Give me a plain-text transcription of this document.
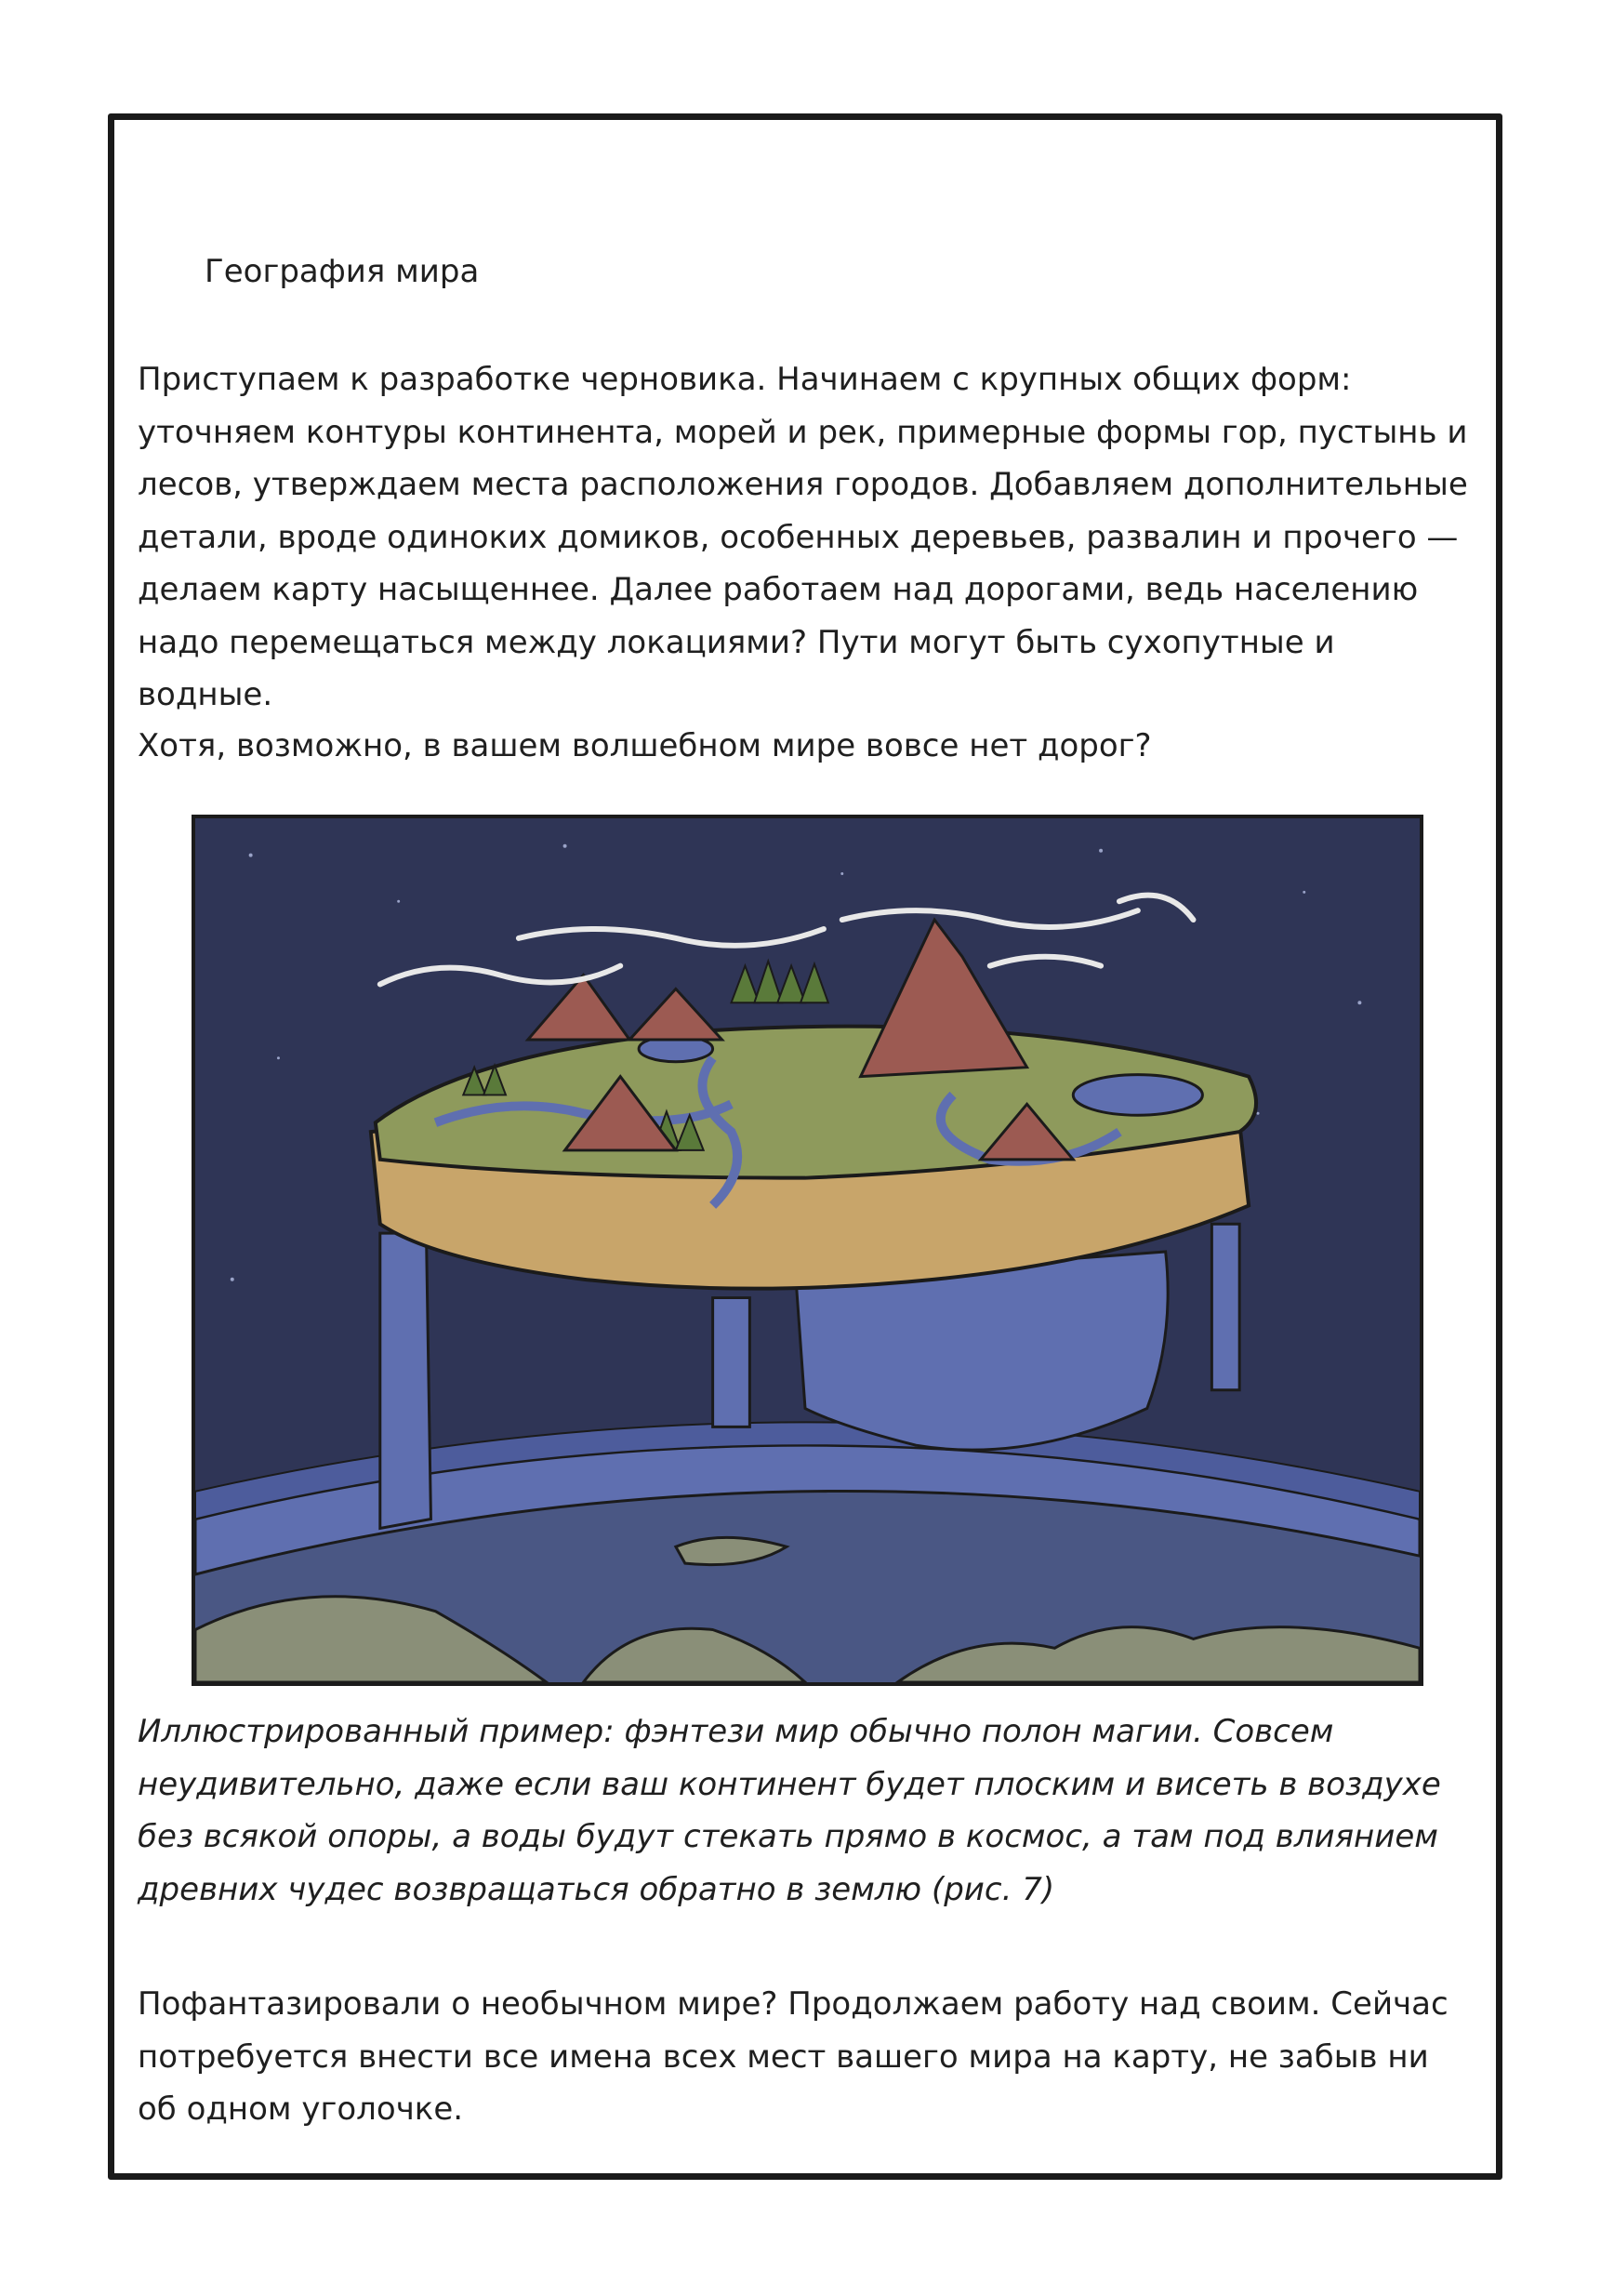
География мира

Приступаем к разработке черновика. Начинаем с крупных общих форм: уточняем контуры континента, морей и рек, примерные формы гор, пустынь и лесов, утверждаем места расположения городов. Добавляем дополнительные детали, вроде одиноких домиков, особенных деревьев, развалин и прочего — делаем карту насыщеннее. Далее работаем над дорогами, ведь населению надо перемещаться между локациями? Пути могут быть сухопутные и водные.

Хотя, возможно, в вашем волшебном мире вовсе нет дорог?

Иллюстрированный пример: фэнтези мир обычно полон магии. Совсем неудивительно, даже если ваш континент будет плоским и висеть в воздухе без всякой опоры, а воды будут стекать прямо в космос, а там под влиянием древних чудес возвращаться обратно в землю (рис. 7)

Пофантазировали о необычном мире? Продолжаем работу над своим. Сейчас потребуется внести все имена всех мест вашего мира на карту, не забыв ни об одном уголочке.
